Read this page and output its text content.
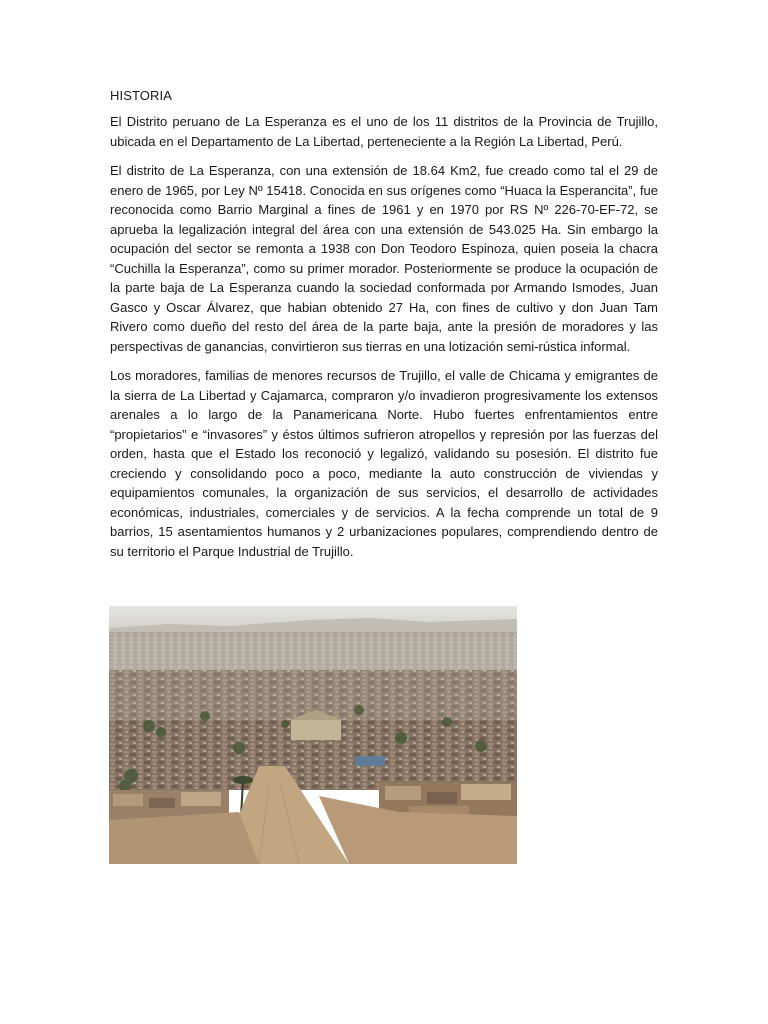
HISTORIA

El Distrito peruano de La Esperanza es el uno de los 11 distritos de la Provincia de Trujillo, ubicada en el Departamento de La Libertad, perteneciente a la Región La Libertad, Perú.

El distrito de La Esperanza, con una extensión de 18.64 Km2, fue creado como tal el 29 de enero de 1965, por Ley Nº 15418. Conocida en sus orígenes como “Huaca la Esperancita”, fue reconocida como Barrio Marginal a fines de 1961 y en 1970 por RS Nº 226-70-EF-72, se aprueba la legalización integral del área con una extensión de 543.025 Ha. Sin embargo la ocupación del sector se remonta a 1938 con Don Teodoro Espinoza, quien poseia la chacra “Cuchilla la Esperanza”, como su primer morador. Posteriormente se produce la ocupación de la parte baja de La Esperanza cuando la sociedad conformada por Armando Ismodes, Juan Gasco y Oscar Álvarez, que habian obtenido 27 Ha, con fines de cultivo y don Juan Tam Rivero como dueño del resto del área de la parte baja, ante la presión de moradores y las perspectivas de ganancias, convirtieron sus tierras en una lotización semi-rústica informal.

Los moradores, familias de menores recursos de Trujillo, el valle de Chicama y emigrantes de la sierra de La Libertad y Cajamarca, compraron y/o invadieron progresivamente los extensos arenales a lo largo de la Panamericana Norte. Hubo fuertes enfrentamientos entre “propietarios” e “invasores” y éstos últimos sufrieron atropellos y represión por las fuerzas del orden, hasta que el Estado los reconoció y legalizó, validando su posesión. El distrito fue creciendo y consolidando poco a poco, mediante la auto construcción de viviendas y equipamientos comunales, la organización de sus servicios, el desarrollo de actividades económicas, industriales, comerciales y de servicios. A la fecha comprende un total de 9 barrios, 15 asentamientos humanos y 2 urbanizaciones populares, comprendiendo dentro de su territorio el Parque Industrial de Trujillo.
